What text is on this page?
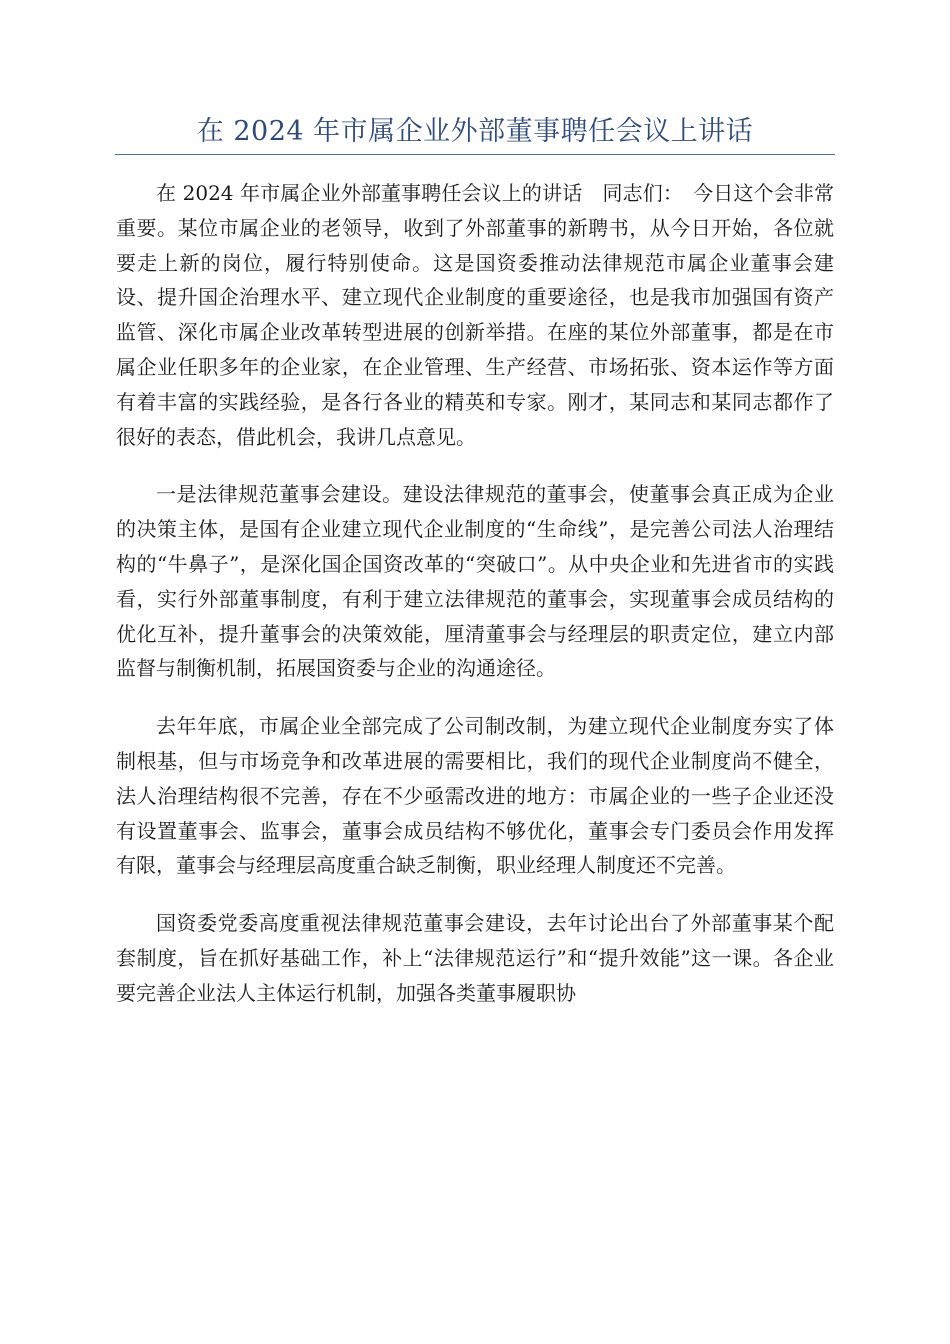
在 2024 年市属企业外部董事聘任会议上讲话

在 2024 年市属企业外部董事聘任会议上的讲话　同志们：　今日这个会非常重要。某位市属企业的老领导，收到了外部董事的新聘书，从今日开始，各位就要走上新的岗位，履行特别使命。这是国资委推动法律规范市属企业董事会建设、提升国企治理水平、建立现代企业制度的重要途径，也是我市加强国有资产监管、深化市属企业改革转型进展的创新举措。在座的某位外部董事，都是在市属企业任职多年的企业家，在企业管理、生产经营、市场拓张、资本运作等方面有着丰富的实践经验，是各行各业的精英和专家。刚才，某同志和某同志都作了很好的表态，借此机会，我讲几点意见。

一是法律规范董事会建设。建设法律规范的董事会，使董事会真正成为企业的决策主体，是国有企业建立现代企业制度的“生命线”，是完善公司法人治理结构的“牛鼻子”，是深化国企国资改革的“突破口”。从中央企业和先进省市的实践看，实行外部董事制度，有利于建立法律规范的董事会，实现董事会成员结构的优化互补，提升董事会的决策效能，厘清董事会与经理层的职责定位，建立内部监督与制衡机制，拓展国资委与企业的沟通途径。

去年年底，市属企业全部完成了公司制改制，为建立现代企业制度夯实了体制根基，但与市场竞争和改革进展的需要相比，我们的现代企业制度尚不健全，法人治理结构很不完善，存在不少亟需改进的地方：市属企业的一些子企业还没有设置董事会、监事会，董事会成员结构不够优化，董事会专门委员会作用发挥有限，董事会与经理层高度重合缺乏制衡，职业经理人制度还不完善。

国资委党委高度重视法律规范董事会建设，去年讨论出台了外部董事某个配套制度，旨在抓好基础工作，补上“法律规范运行”和“提升效能”这一课。各企业要完善企业法人主体运行机制，加强各类董事履职协
